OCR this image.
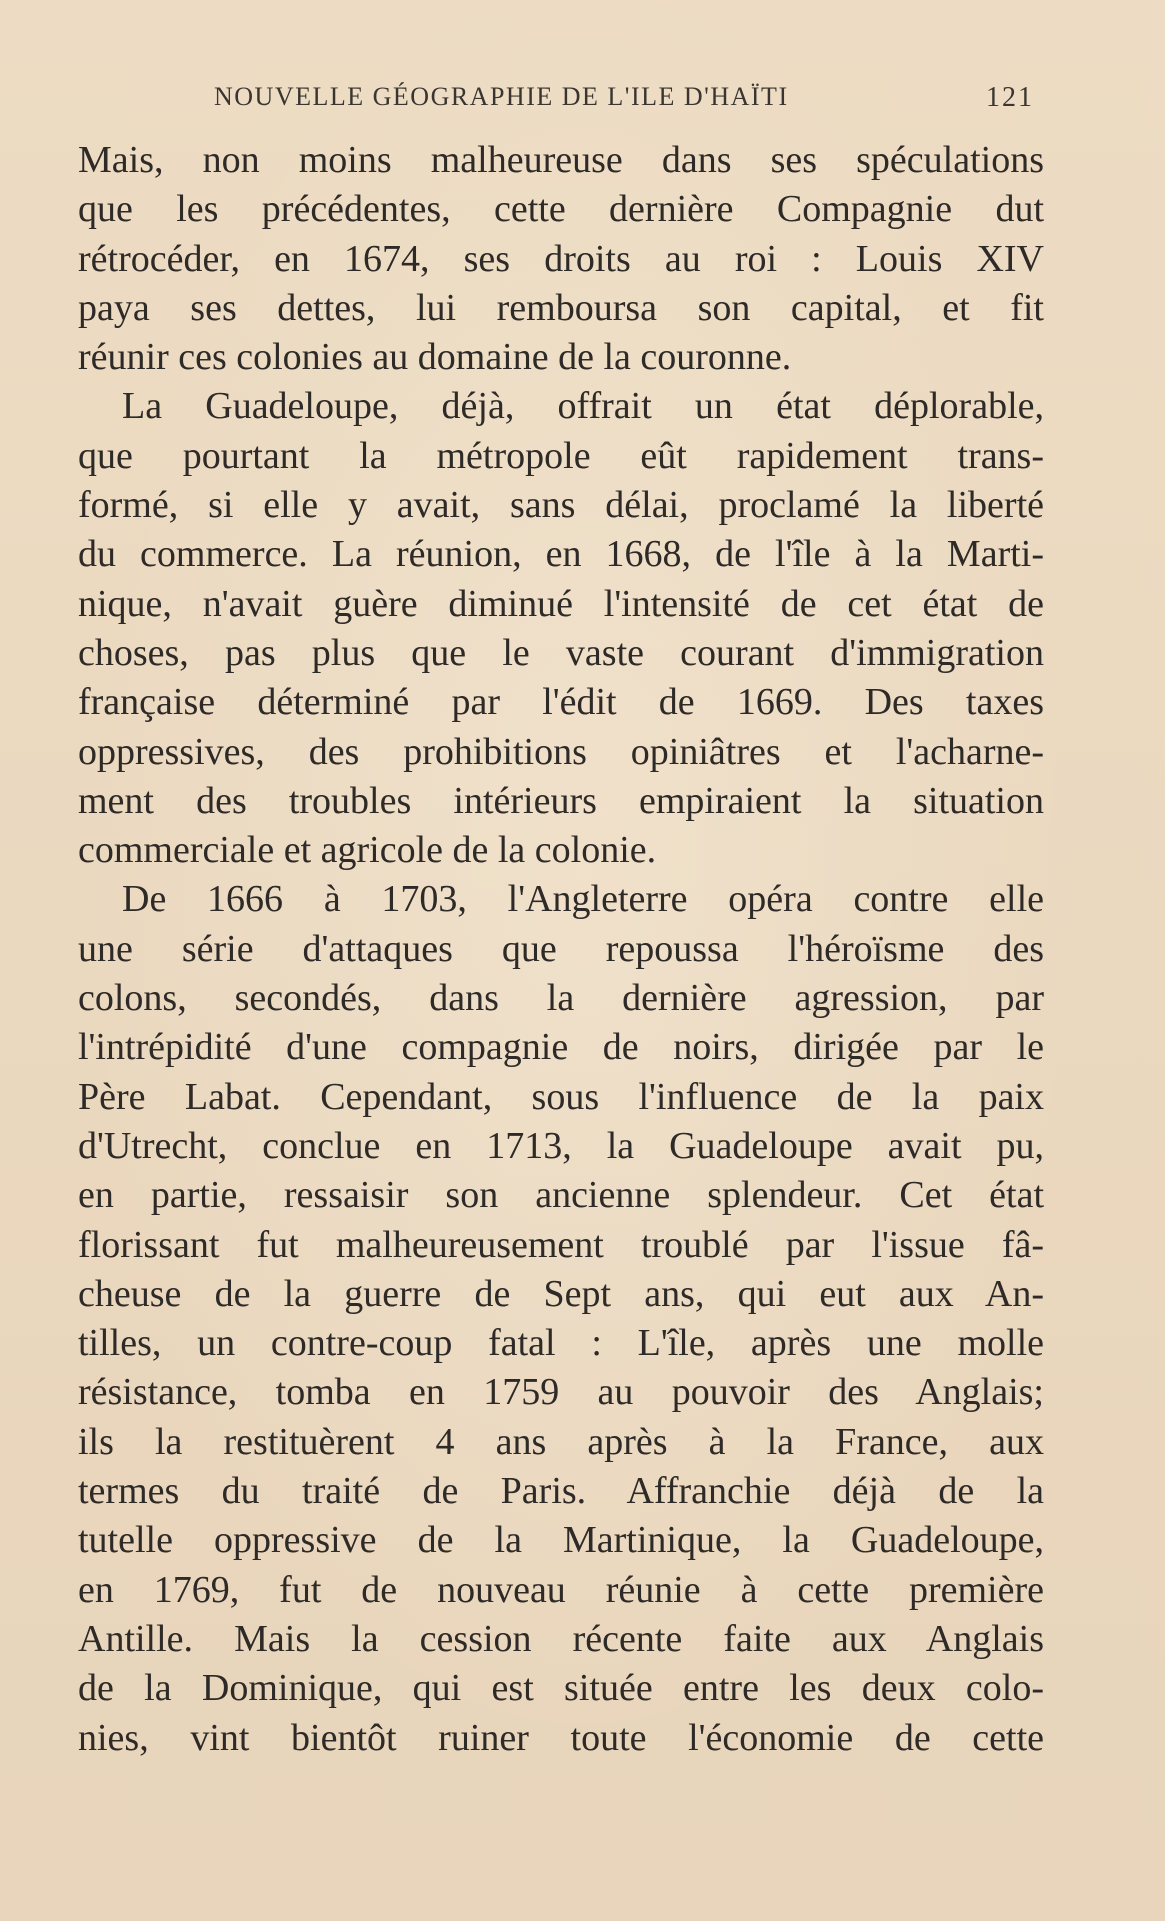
NOUVELLE GÉOGRAPHIE DE L'ILE D'HAÏTI	121
Mais, non moins malheureuse dans ses spéculations
que les précédentes, cette dernière Compagnie dut
rétrocéder, en 1674, ses droits au roi : Louis XIV
paya ses dettes, lui remboursa son capital, et fit
réunir ces colonies au domaine de la couronne.
La Guadeloupe, déjà, offrait un état déplorable,
que pourtant la métropole eût rapidement trans-
formé, si elle y avait, sans délai, proclamé la liberté
du commerce. La réunion, en 1668, de l'île à la Marti-
nique, n'avait guère diminué l'intensité de cet état de
choses, pas plus que le vaste courant d'immigration
française déterminé par l'édit de 1669. Des taxes
oppressives, des prohibitions opiniâtres et l'acharne-
ment des troubles intérieurs empiraient la situation
commerciale et agricole de la colonie.
De 1666 à 1703, l'Angleterre opéra contre elle
une série d'attaques que repoussa l'héroïsme des
colons, secondés, dans la dernière agression, par
l'intrépidité d'une compagnie de noirs, dirigée par le
Père Labat. Cependant, sous l'influence de la paix
d'Utrecht, conclue en 1713, la Guadeloupe avait pu,
en partie, ressaisir son ancienne splendeur. Cet état
florissant fut malheureusement troublé par l'issue fâ-
cheuse de la guerre de Sept ans, qui eut aux An-
tilles, un contre-coup fatal : L'île, après une molle
résistance, tomba en 1759 au pouvoir des Anglais;
ils la restituèrent 4 ans après à la France, aux
termes du traité de Paris. Affranchie déjà de la
tutelle oppressive de la Martinique, la Guadeloupe,
en 1769, fut de nouveau réunie à cette première
Antille. Mais la cession récente faite aux Anglais
de la Dominique, qui est située entre les deux colo-
nies, vint bientôt ruiner toute l'économie de cette
